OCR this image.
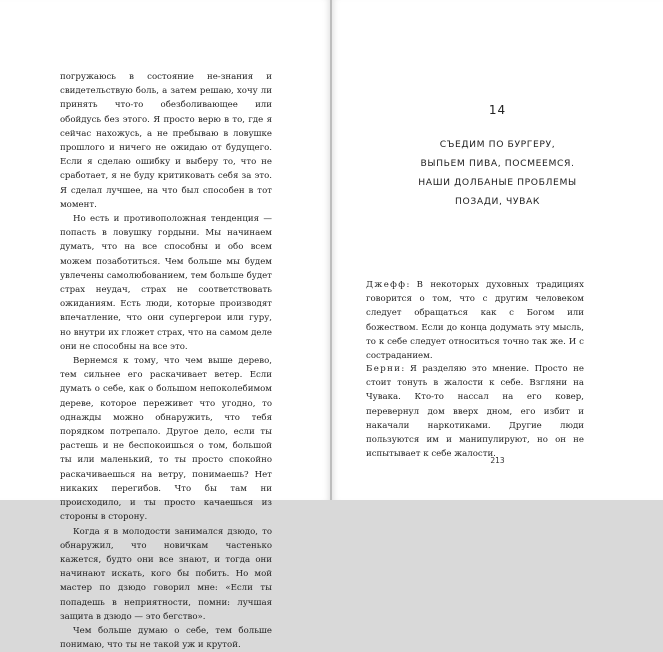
погружаюсь в состояние не-знания и свидетельствую боль, а затем решаю, хочу ли принять что-то обезболивающее или обойдусь без этого. Я просто верю в то, где я сейчас нахожусь, а не пребываю в ловушке прошлого и ничего не ожидаю от будущего. Если я сделаю ошибку и выберу то, что не сработает, я не буду критиковать себя за это. Я сделал лучшее, на что был способен в тот момент.

Но есть и противоположная тенденция — попасть в ловушку гордыни. Мы начинаем думать, что на все способны и обо всем можем позаботиться. Чем больше мы будем увлечены самолюбованием, тем больше будет страх неудач, страх не соответствовать ожиданиям. Есть люди, которые производят впечатление, что они супергерои или гуру, но внутри их гложет страх, что на самом деле они не способны на все это.

Вернемся к тому, что чем выше дерево, тем сильнее его раскачивает ветер. Если думать о себе, как о большом непоколебимом дереве, которое переживет что угодно, то однажды можно обнаружить, что тебя порядком потрепало. Другое дело, если ты растешь и не беспокоишься о том, большой ты или маленький, то ты просто спокойно раскачиваешься на ветру, понимаешь? Нет никаких перегибов. Что бы там ни происходило, и ты просто качаешься из стороны в сторону.

Когда я в молодости занимался дзюдо, то обнаружил, что новичкам частенько кажется, будто они все знают, и тогда они начинают искать, кого бы побить. Но мой мастер по дзюдо говорил мне: «Если ты попадешь в неприятности, помни: лучшая защита в дзюдо — это бегство».

Чем больше думаю о себе, тем больше понимаю, что ты не такой уж и крутой.

14
СЪЕДИМ ПО БУРГЕРУ,
ВЫПЬЕМ ПИВА, ПОСМЕЕМСЯ.
НАШИ ДОЛБАНЫЕ ПРОБЛЕМЫ
ПОЗАДИ, ЧУВАК

Джефф: В некоторых духовных традициях говорится о том, что с другим человеком следует обращаться как с Богом или божеством. Если до конца додумать эту мысль, то к себе следует относиться точно так же. И с состраданием.

Берни: Я разделяю это мнение. Просто не стоит тонуть в жалости к себе. Взгляни на Чувака. Кто-то нассал на его ковер, перевернул дом вверх дном, его избит и накачали наркотиками. Другие люди пользуются им и манипулируют, но он не испытывает к себе жалости.

213
